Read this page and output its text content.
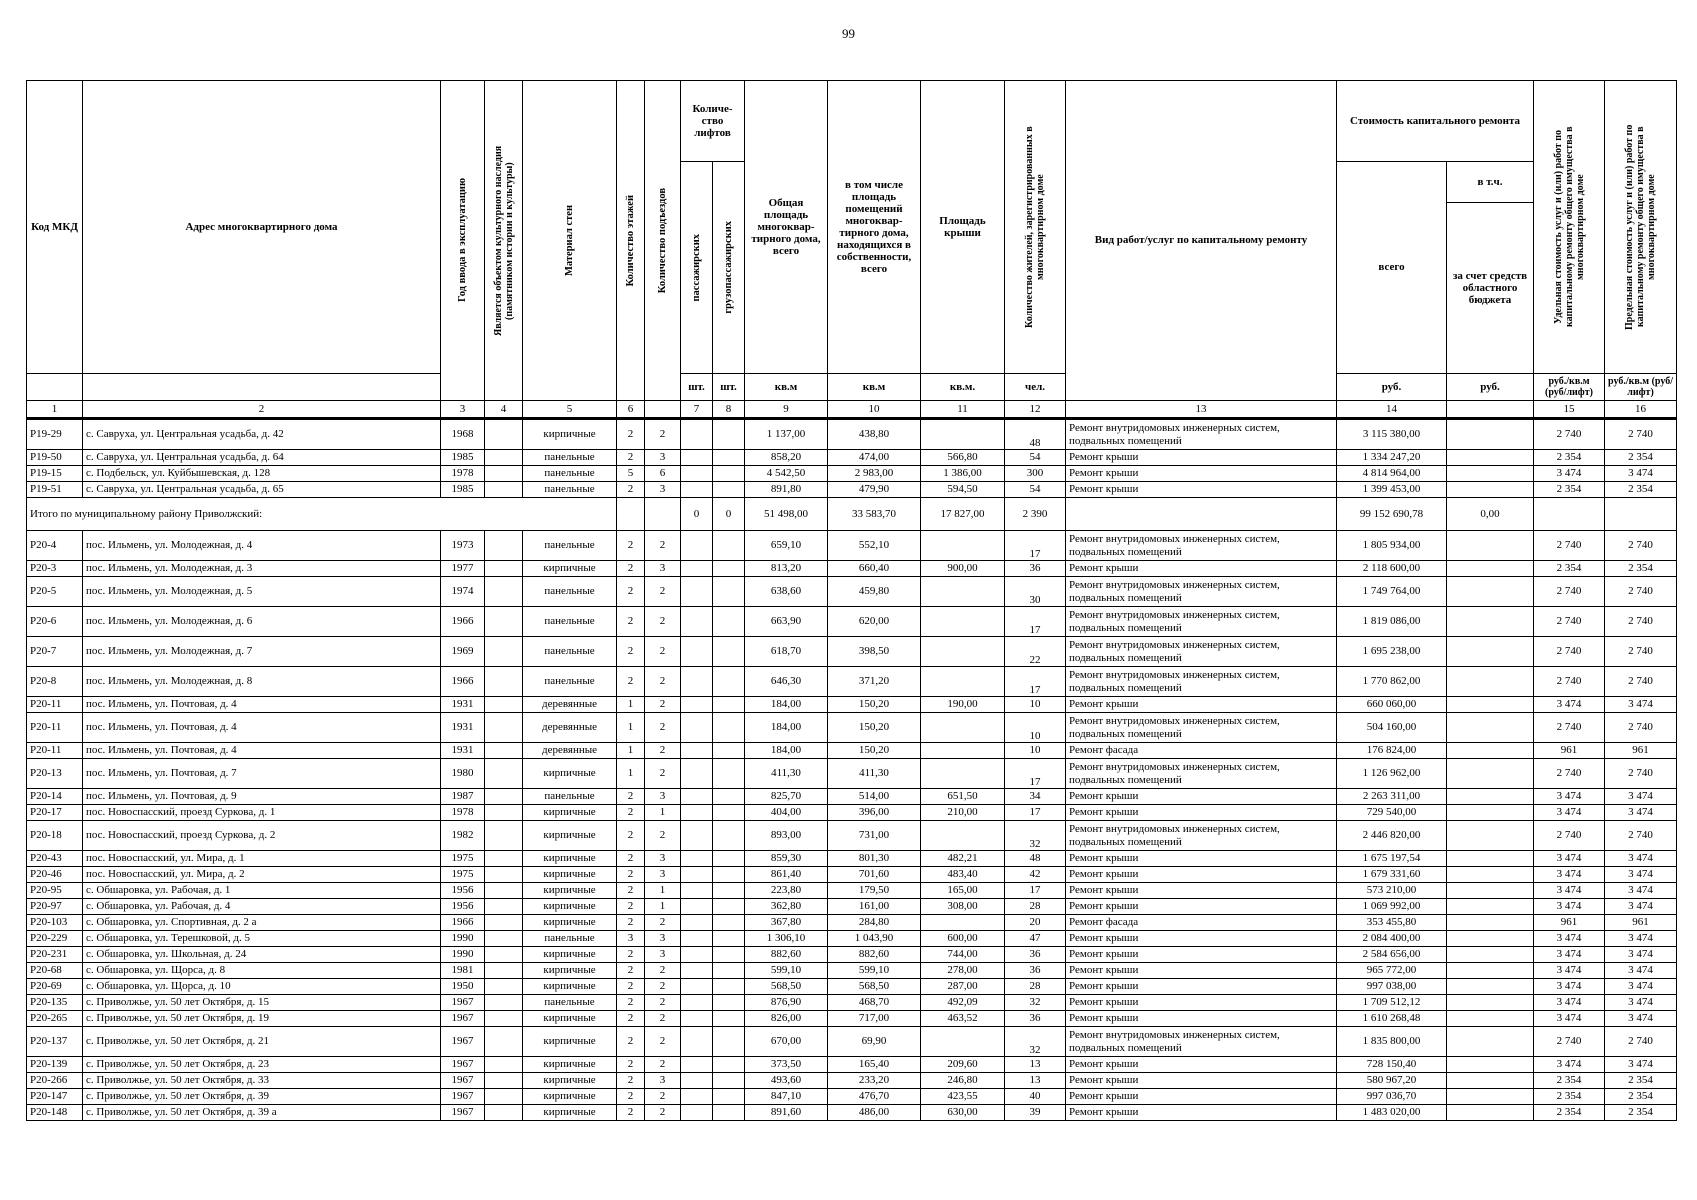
99
Код МКД	Адрес многоквартирного дома	Год ввода в эксплуатацию	Является объектом культурного наследия (памятником истории и культуры)	Материал стен	Количество этажей	Количество подъездов	Количе-ство лифтов		Общая площадь многоквар-тирного дома, всего	в том числе площадь помещений многоквар-тирного дома, находящихся в собственности, всего	Площадь крыши	Количество жителей, зарегистрированных в многоквартирном доме	Вид работ/услуг по капитальному ремонту	Стоимость капитального ремонта		Удельная стоимость услуг и (или) работ по капитальному ремонту общего имущества в многоквартирном доме	Предельная стоимость услуг и (или) работ по капитальному ремонту общего имущества в многоквартирном доме

							пассажирских	грузопассажирских						всего	в т.ч.		
															за счет средств областного бюджета		
							шт.	шт.	кв.м	кв.м	кв.м.	чел.		руб.	руб.	руб./кв.м (руб/лифт)	руб./кв.м (руб/лифт)
1	2	3	4	5	6		7	8	9	10	11	12	13	14		15	16
Р19-29	с. Савруха, ул. Центральная усадьба, д. 42	1968		кирпичные	2	2			1 137,00	438,80		48	Ремонт внутридомовых инженерных систем, подвальных помещений	3 115 380,00		2 740	2 740
Р19-50	с. Савруха, ул. Центральная усадьба, д. 64	1985		панельные	2	3			858,20	474,00	566,80	54	Ремонт крыши	1 334 247,20		2 354	2 354
Р19-15	с. Подбельск, ул. Куйбышевская, д. 128	1978		панельные	5	6			4 542,50	2 983,00	1 386,00	300	Ремонт крыши	4 814 964,00		3 474	3 474
Р19-51	с. Савруха, ул. Центральная усадьба, д. 65	1985		панельные	2	3			891,80	479,90	594,50	54	Ремонт крыши	1 399 453,00		2 354	2 354
Итого по муниципальному району Приволжский:							0	0	51 498,00	33 583,70	17 827,00	2 390		99 152 690,78	0,00		
Р20-4	пос. Ильмень, ул. Молодежная, д. 4	1973		панельные	2	2			659,10	552,10		17	Ремонт внутридомовых инженерных систем, подвальных помещений	1 805 934,00		2 740	2 740
Р20-3	пос. Ильмень, ул. Молодежная, д. 3	1977		кирпичные	2	3			813,20	660,40	900,00	36	Ремонт крыши	2 118 600,00		2 354	2 354
Р20-5	пос. Ильмень, ул. Молодежная, д. 5	1974		панельные	2	2			638,60	459,80		30	Ремонт внутридомовых инженерных систем, подвальных помещений	1 749 764,00		2 740	2 740
Р20-6	пос. Ильмень, ул. Молодежная, д. 6	1966		панельные	2	2			663,90	620,00		17	Ремонт внутридомовых инженерных систем, подвальных помещений	1 819 086,00		2 740	2 740
Р20-7	пос. Ильмень, ул. Молодежная, д. 7	1969		панельные	2	2			618,70	398,50		22	Ремонт внутридомовых инженерных систем, подвальных помещений	1 695 238,00		2 740	2 740
Р20-8	пос. Ильмень, ул. Молодежная, д. 8	1966		панельные	2	2			646,30	371,20		17	Ремонт внутридомовых инженерных систем, подвальных помещений	1 770 862,00		2 740	2 740
Р20-11	пос. Ильмень, ул. Почтовая, д. 4	1931		деревянные	1	2			184,00	150,20	190,00	10	Ремонт крыши	660 060,00		3 474	3 474
Р20-11	пос. Ильмень, ул. Почтовая, д. 4	1931		деревянные	1	2			184,00	150,20		10	Ремонт внутридомовых инженерных систем, подвальных помещений	504 160,00		2 740	2 740
Р20-11	пос. Ильмень, ул. Почтовая, д. 4	1931		деревянные	1	2			184,00	150,20		10	Ремонт фасада	176 824,00		961	961
Р20-13	пос. Ильмень, ул. Почтовая, д. 7	1980		кирпичные	1	2			411,30	411,30		17	Ремонт внутридомовых инженерных систем, подвальных помещений	1 126 962,00		2 740	2 740
Р20-14	пос. Ильмень, ул. Почтовая, д. 9	1987		панельные	2	3			825,70	514,00	651,50	34	Ремонт крыши	2 263 311,00		3 474	3 474
Р20-17	пос. Новоспасский, проезд Суркова, д. 1	1978		кирпичные	2	1			404,00	396,00	210,00	17	Ремонт крыши	729 540,00		3 474	3 474
Р20-18	пос. Новоспасский, проезд Суркова, д. 2	1982		кирпичные	2	2			893,00	731,00		32	Ремонт внутридомовых инженерных систем, подвальных помещений	2 446 820,00		2 740	2 740
Р20-43	пос. Новоспасский, ул. Мира, д. 1	1975		кирпичные	2	3			859,30	801,30	482,21	48	Ремонт крыши	1 675 197,54		3 474	3 474
Р20-46	пос. Новоспасский, ул. Мира, д. 2	1975		кирпичные	2	3			861,40	701,60	483,40	42	Ремонт крыши	1 679 331,60		3 474	3 474
Р20-95	с. Обшаровка, ул. Рабочая, д. 1	1956		кирпичные	2	1			223,80	179,50	165,00	17	Ремонт крыши	573 210,00		3 474	3 474
Р20-97	с. Обшаровка, ул. Рабочая, д. 4	1956		кирпичные	2	1			362,80	161,00	308,00	28	Ремонт крыши	1 069 992,00		3 474	3 474
Р20-103	с. Обшаровка, ул. Спортивная, д. 2 а	1966		кирпичные	2	2			367,80	284,80		20	Ремонт фасада	353 455,80		961	961
Р20-229	с. Обшаровка, ул. Терешковой, д. 5	1990		панельные	3	3			1 306,10	1 043,90	600,00	47	Ремонт крыши	2 084 400,00		3 474	3 474
Р20-231	с. Обшаровка, ул. Школьная, д. 24	1990		кирпичные	2	3			882,60	882,60	744,00	36	Ремонт крыши	2 584 656,00		3 474	3 474
Р20-68	с. Обшаровка, ул. Щорса, д. 8	1981		кирпичные	2	2			599,10	599,10	278,00	36	Ремонт крыши	965 772,00		3 474	3 474
Р20-69	с. Обшаровка, ул. Щорса, д. 10	1950		кирпичные	2	2			568,50	568,50	287,00	28	Ремонт крыши	997 038,00		3 474	3 474
Р20-135	с. Приволжье, ул. 50 лет Октября, д. 15	1967		панельные	2	2			876,90	468,70	492,09	32	Ремонт крыши	1 709 512,12		3 474	3 474
Р20-265	с. Приволжье, ул. 50 лет Октября, д. 19	1967		кирпичные	2	2			826,00	717,00	463,52	36	Ремонт крыши	1 610 268,48		3 474	3 474
Р20-137	с. Приволжье, ул. 50 лет Октября, д. 21	1967		кирпичные	2	2			670,00	69,90		32	Ремонт внутридомовых инженерных систем, подвальных помещений	1 835 800,00		2 740	2 740
Р20-139	с. Приволжье, ул. 50 лет Октября, д. 23	1967		кирпичные	2	2			373,50	165,40	209,60	13	Ремонт крыши	728 150,40		3 474	3 474
Р20-266	с. Приволжье, ул. 50 лет Октября, д. 33	1967		кирпичные	2	3			493,60	233,20	246,80	13	Ремонт крыши	580 967,20		2 354	2 354
Р20-147	с. Приволжье, ул. 50 лет Октября, д. 39	1967		кирпичные	2	2			847,10	476,70	423,55	40	Ремонт крыши	997 036,70		2 354	2 354
Р20-148	с. Приволжье, ул. 50 лет Октября, д. 39 а	1967		кирпичные	2	2			891,60	486,00	630,00	39	Ремонт крыши	1 483 020,00		2 354	2 354
